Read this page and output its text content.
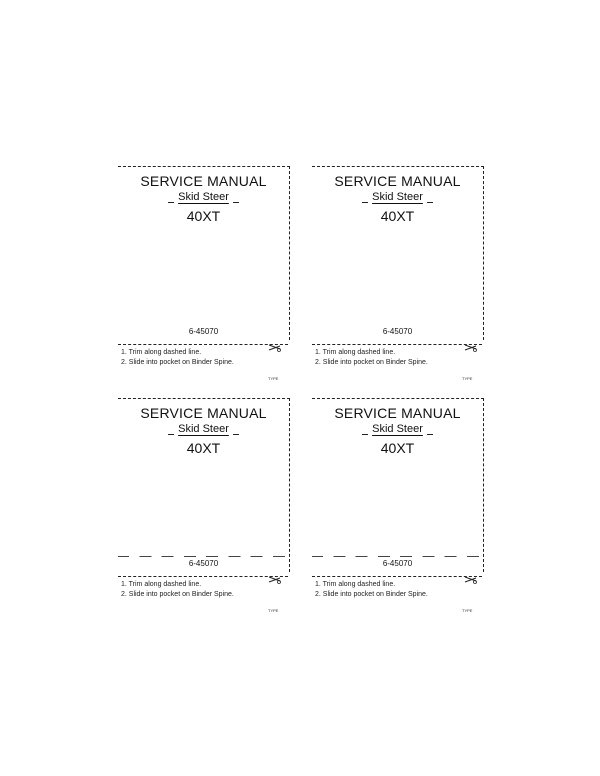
SERVICE MANUAL
Skid Steer
40XT
6-45070
1. Trim along dashed line.
2. Slide into pocket on Binder Spine.
TYPE
SERVICE MANUAL
Skid Steer
40XT
6-45070
1. Trim along dashed line.
2. Slide into pocket on Binder Spine.
TYPE
SERVICE MANUAL
Skid Steer
40XT
6-45070
1. Trim along dashed line.
2. Slide into pocket on Binder Spine.
TYPE
SERVICE MANUAL
Skid Steer
40XT
6-45070
1. Trim along dashed line.
2. Slide into pocket on Binder Spine.
TYPE
